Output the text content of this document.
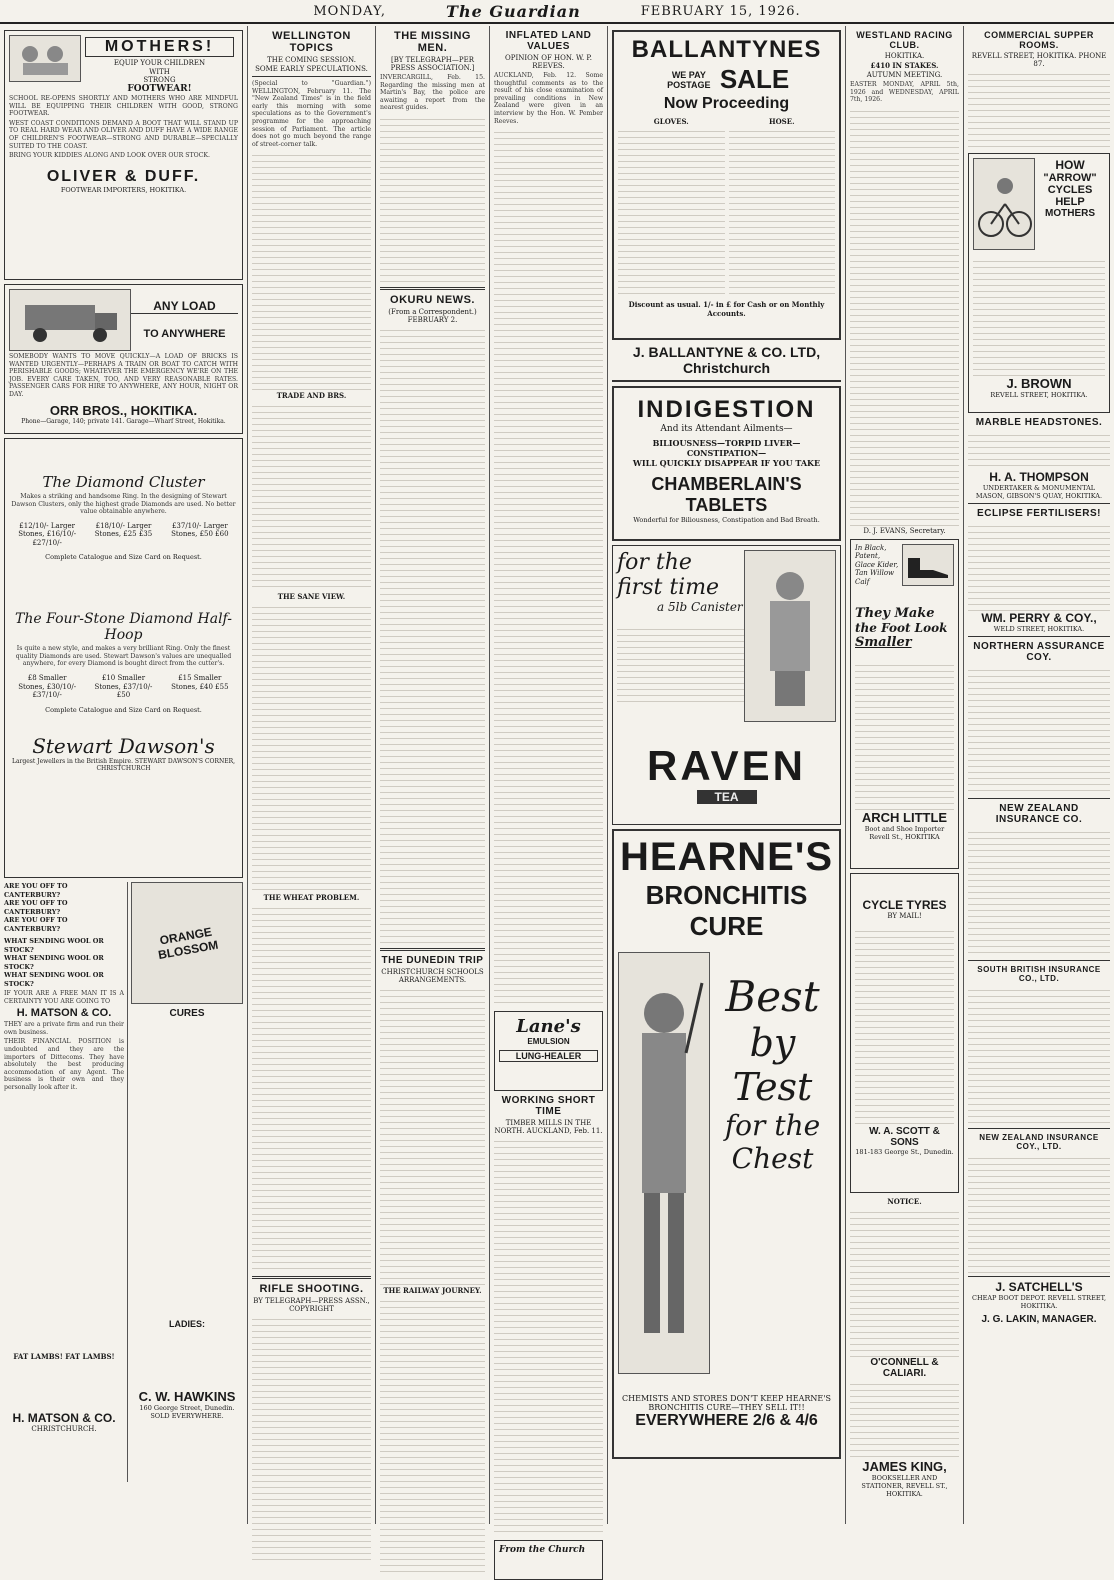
MONDAY,	The Guardian	FEBRUARY 15, 1926.
MOTHERS!
EQUIP YOUR CHILDREN
WITH
STRONG
FOOTWEAR!

SCHOOL RE-OPENS SHORTLY AND MOTHERS WHO ARE MINDFUL WILL BE EQUIPPING THEIR CHILDREN WITH GOOD, STRONG FOOTWEAR.

WEST COAST CONDITIONS DEMAND A BOOT THAT WILL STAND UP TO REAL HARD WEAR AND OLIVER AND DUFF HAVE A WIDE RANGE OF CHILDREN'S FOOTWEAR—STRONG AND DURABLE—SPECIALLY SUITED TO THE COAST.

BRING YOUR KIDDIES ALONG AND LOOK OVER OUR STOCK.

OLIVER & DUFF.
FOOTWEAR IMPORTERS, HOKITIKA.
ANY LOAD
TO ANYWHERE

SOMEBODY WANTS TO MOVE QUICKLY—A LOAD OF BRICKS IS WANTED URGENTLY—PERHAPS A TRAIN OR BOAT TO CATCH WITH PERISHABLE GOODS; WHATEVER THE EMERGENCY WE'RE ON THE JOB. EVERY CARE TAKEN, TOO, AND VERY REASONABLE RATES. PASSENGER CARS FOR HIRE TO ANYWHERE, ANY HOUR, NIGHT OR DAY.

ORR BROS., HOKITIKA.
Phone—Garage, 140; private 141. Garage—Wharf Street, Hokitika.
The Diamond Cluster

Makes a striking and handsome Ring. In the designing of Stewart Dawson Clusters, only the highest grade Diamonds are used. No better value obtainable anywhere.

£12/10/- Larger Stones, £16/10/- £27/10/-
£18/10/- Larger Stones, £25 £35
£37/10/- Larger Stones, £50 £60
Complete Catalogue and Size Card on Request.
The Four-Stone Diamond Half-Hoop

Is quite a new style, and makes a very brilliant Ring. Only the finest quality Diamonds are used. Stewart Dawson's values are unequalled anywhere, for every Diamond is bought direct from the cutter's.

£8 Smaller Stones, £30/10/- £37/10/-
£10 Smaller Stones, £37/10/- £50
£15 Smaller Stones, £40 £55
Complete Catalogue and Size Card on Request.
Stewart Dawson's
Largest Jewellers in the British Empire. STEWART DAWSON'S CORNER, CHRISTCHURCH
ARE YOU OFF TO CANTERBURY?
ARE YOU OFF TO CANTERBURY?
ARE YOU OFF TO CANTERBURY?
WHAT SENDING WOOL OR STOCK?
WHAT SENDING WOOL OR STOCK?
WHAT SENDING WOOL OR STOCK?

IF YOUR ARE A FREE MAN IT IS A CERTAINTY YOU ARE GOING TO

H. MATSON & CO.

THEY are a private firm and run their own business.

THEIR FINANCIAL POSITION is undoubted and they are the importers of Dittecoms. They have absolutely the best producing accommodation of any Agent. The business is their own and they personally look after it.

FAT LAMBS! FAT LAMBS!
H. MATSON & CO.
CHRISTCHURCH.
ORANGE BLOSSOM
CURES
LADIES:
C. W. HAWKINS
160 George Street, Dunedin. SOLD EVERYWHERE.
WELLINGTON TOPICS
THE COMING SESSION.
SOME EARLY SPECULATIONS.

(Special to "Guardian.") WELLINGTON, February 11. The "New Zealand Times" is in the field early this morning with some speculations as to the Government's programme for the approaching session of Parliament. The article does not go much beyond the range of street-corner talk.

TRADE AND BRS.
THE SANE VIEW.
THE WHEAT PROBLEM.
RIFLE SHOOTING.
BY TELEGRAPH—PRESS ASSN., COPYRIGHT
THE MISSING MEN.
[BY TELEGRAPH—PER PRESS ASSOCIATION.]

INVERCARGILL, Feb. 15. Regarding the missing men at Martin's Bay, the police are awaiting a report from the nearest guides.

OKURU NEWS.
(From a Correspondent.) FEBRUARY 2.
THE DUNEDIN TRIP
CHRISTCHURCH SCHOOLS ARRANGEMENTS.
THE RAILWAY JOURNEY.
INFLATED LAND VALUES
OPINION OF HON. W. P. REEVES.

AUCKLAND, Feb. 12. Some thoughtful comments as to the result of his close examination of prevailing conditions in New Zealand were given in an interview by the Hon. W. Pember Reeves.

Lane's
EMULSION
LUNG-HEALER
WORKING SHORT TIME
TIMBER MILLS IN THE NORTH. AUCKLAND, Feb. 11.
From the Church
BALLANTYNES
WE PAY POSTAGE SALE
Now Proceeding
GLOVES.	HOSE.
Discount as usual. 1/- in £ for Cash or on Monthly Accounts.
J. BALLANTYNE & CO. LTD, Christchurch
INDIGESTION
And its Attendant Ailments—
BILIOUSNESS—TORPID LIVER—CONSTIPATION—
WILL QUICKLY DISAPPEAR IF YOU TAKE
CHAMBERLAIN'S TABLETS
Wonderful for Biliousness, Constipation and Bad Breath.
for the first time
a 5lb Canister
RAVEN
TEA
HEARNE'S
BRONCHITIS CURE
Best
by Test
for the Chest
CHEMISTS AND STORES DON'T KEEP HEARNE'S BRONCHITIS CURE—THEY SELL IT!!
EVERYWHERE 2/6 & 4/6
WESTLAND RACING CLUB.
HOKITIKA.
£410 IN STAKES.
AUTUMN MEETING.

EASTER MONDAY, APRIL 5th, 1926 and WEDNESDAY, APRIL 7th, 1926.

D. J. EVANS, Secretary.
In Black, Patent, Glace Kider, Tan Willow Calf
They Make
the Foot Look
Smaller
ARCH LITTLE
Boot and Shoe Importer Revell St., HOKITIKA
CYCLE TYRES
BY MAIL!
W. A. SCOTT & SONS
181-183 George St., Dunedin.
NOTICE.
O'CONNELL & CALIARI.
JAMES KING,
BOOKSELLER AND STATIONER, REVELL ST., HOKITIKA.
COMMERCIAL SUPPER ROOMS.
REVELL STREET, HOKITIKA. PHONE 87.
HOW
"ARROW"
CYCLES
HELP
MOTHERS
J. BROWN
REVELL STREET, HOKITIKA.
MARBLE HEADSTONES.
H. A. THOMPSON
UNDERTAKER & MONUMENTAL MASON, GIBSON'S QUAY, HOKITIKA.
ECLIPSE FERTILISERS!
WM. PERRY & COY.,
WELD STREET, HOKITIKA.
NORTHERN ASSURANCE COY.
NEW ZEALAND INSURANCE CO.
SOUTH BRITISH INSURANCE CO., LTD.
NEW ZEALAND INSURANCE COY., LTD.
J. SATCHELL'S
CHEAP BOOT DEPOT. REVELL STREET, HOKITIKA.
J. G. LAKIN, MANAGER.
